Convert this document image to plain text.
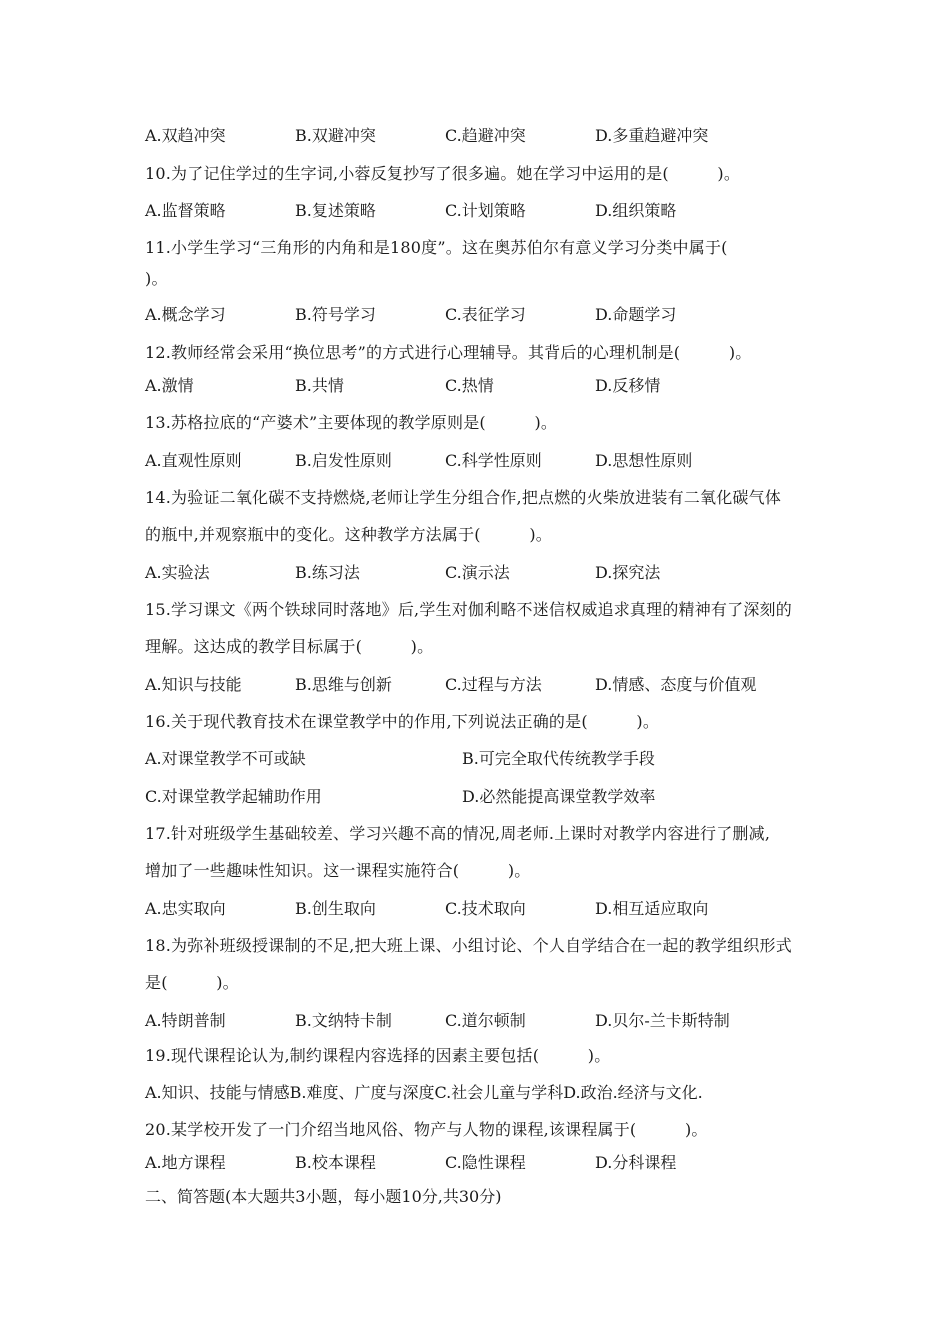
A.双趋冲突	B.双避冲突	C.趋避冲突	D.多重趋避冲突
10.为了记住学过的生字词,小蓉反复抄写了很多遍。她在学习中运用的是(　　　)。
A.监督策略	B.复述策略	C.计划策略	D.组织策略
11.小学生学习“三角形的内角和是180度”。这在奥苏伯尔有意义学习分类中属于(
)。
A.概念学习	B.符号学习	C.表征学习	D.命题学习
12.教师经常会采用“换位思考”的方式进行心理辅导。其背后的心理机制是(　　　)。
A.激情	B.共情	C.热情	D.反移情
13.苏格拉底的“产婆术”主要体现的教学原则是(　　　)。
A.直观性原则	B.启发性原则	C.科学性原则	D.思想性原则
14.为验证二氧化碳不支持燃烧,老师让学生分组合作,把点燃的火柴放进装有二氧化碳气体
的瓶中,并观察瓶中的变化。这种教学方法属于(　　　)。
A.实验法	B.练习法	C.演示法	D.探究法
15.学习课文《两个铁球同时落地》后,学生对伽利略不迷信权威追求真理的精神有了深刻的
理解。这达成的教学目标属于(　　　)。
A.知识与技能	B.思维与创新	C.过程与方法	D.情感、态度与价值观
16.关于现代教育技术在课堂教学中的作用,下列说法正确的是(　　　)。
A.对课堂教学不可或缺	B.可完全取代传统教学手段
C.对课堂教学起辅助作用	D.必然能提高课堂教学效率
17.针对班级学生基础较差、学习兴趣不高的情况,周老师.上课时对教学内容进行了删减,
增加了一些趣味性知识。这一课程实施符合(　　　)。
A.忠实取向	B.创生取向	C.技术取向	D.相互适应取向
18.为弥补班级授课制的不足,把大班上课、小组讨论、个人自学结合在一起的教学组织形式
是(　　　)。
A.特朗普制	B.文纳特卡制	C.道尔顿制	D.贝尔-兰卡斯特制
19.现代课程论认为,制约课程内容选择的因素主要包括(　　　)。
A.知识、技能与情感B.难度、广度与深度C.社会儿童与学科D.政治.经济与文化.
20.某学校开发了一门介绍当地风俗、物产与人物的课程,该课程属于(　　　)。
A.地方课程	B.校本课程	C.隐性课程	D.分科课程
二、简答题(本大题共3小题，每小题10分,共30分)
